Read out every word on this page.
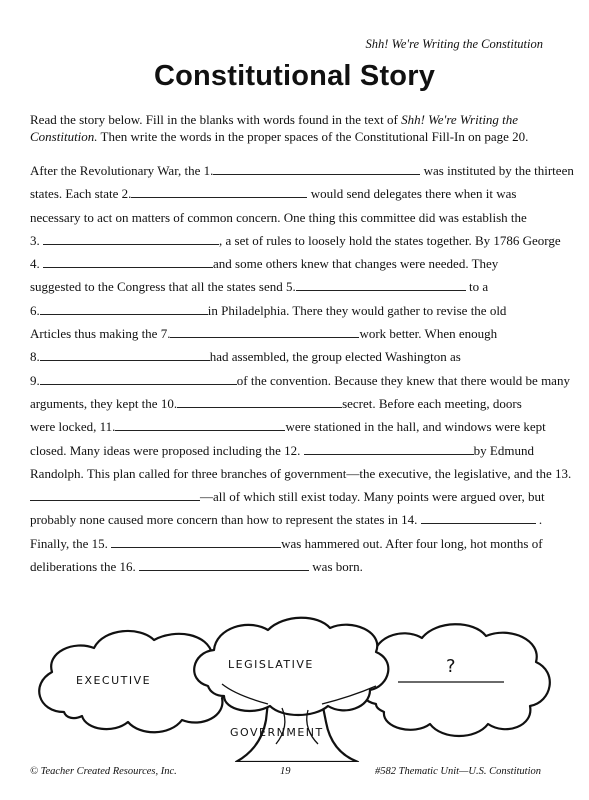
Shh! We're Writing the Constitution
Constitutional Story
Read the story below. Fill in the blanks with words found in the text of Shh! We're Writing the Constitution. Then write the words in the proper spaces of the Constitutional Fill-In on page 20.
After the Revolutionary War, the 1.	was instituted by the thirteen
states. Each state 2.	would send delegates there when it was
necessary to act on matters of common concern. One thing this committee did was establish the
3.	, a set of rules to loosely hold the states together. By 1786 George
4.	and some others knew that changes were needed. They
suggested to the Congress that all the states send 5.	to a
6.	in Philadelphia. There they would gather to revise the old
Articles thus making the 7.	work better. When enough
8.	had assembled, the group elected Washington as
9.	of the convention. Because they knew that there would be many
arguments, they kept the 10.	secret. Before each meeting, doors
were locked, 11.	were stationed in the hall, and windows were kept
closed. Many ideas were proposed including the 12.	by Edmund
Randolph. This plan called for three branches of government—the executive, the legislative, and the 13.
—all of which still exist today. Many points were argued over, but
probably none caused more concern than how to represent the states in 14.	.
Finally, the 15.	was hammered out. After four long, hot months of
deliberations the 16.	was born.
EXECUTIVE
LEGISLATIVE	?
GOVERNMENT
© Teacher Created Resources, Inc.	19	#582 Thematic Unit—U.S. Constitution
